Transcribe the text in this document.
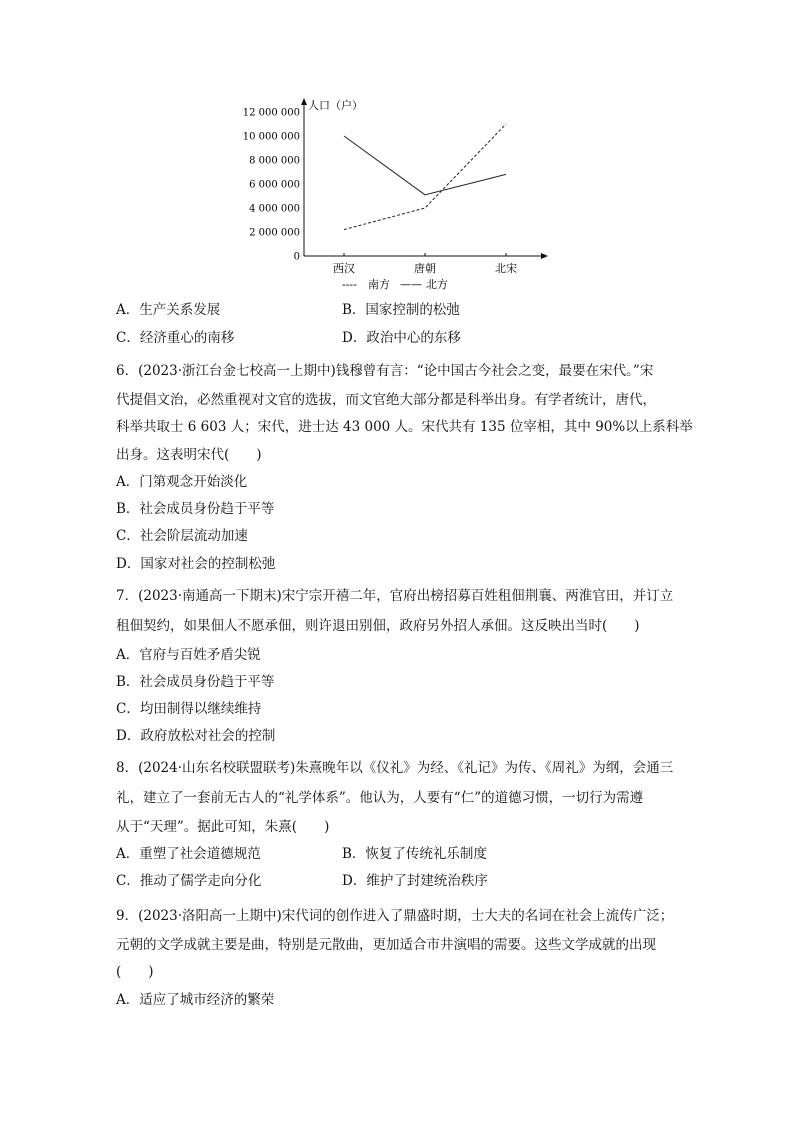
0
2 000 000
4 000 000
6 000 000
8 000 000
10 000 000
12 000 000
人口（户）
西汉	唐朝	北宋
---- 南方 —— 北方
A．生产关系发展	B．国家控制的松弛
C．经济重心的南移	D．政治中心的东移
6．(2023·浙江台金七校高一上期中)钱穆曾有言：“论中国古今社会之变，最要在宋代。”宋
代提倡文治，必然重视对文官的选拔，而文官绝大部分都是科举出身。有学者统计，唐代，
科举共取士 6 603 人；宋代，进士达 43 000 人。宋代共有 135 位宰相，其中 90%以上系科举
出身。这表明宋代(　　)
A．门第观念开始淡化
B．社会成员身份趋于平等
C．社会阶层流动加速
D．国家对社会的控制松弛
7．(2023·南通高一下期末)宋宁宗开禧二年，官府出榜招募百姓租佃荆襄、两淮官田，并订立
租佃契约，如果佃人不愿承佃，则许退田别佃，政府另外招人承佃。这反映出当时(　　)
A．官府与百姓矛盾尖锐
B．社会成员身份趋于平等
C．均田制得以继续维持
D．政府放松对社会的控制
8．(2024·山东名校联盟联考)朱熹晚年以《仪礼》为经、《礼记》为传、《周礼》为纲，会通三
礼，建立了一套前无古人的“礼学体系”。他认为，人要有“仁”的道德习惯，一切行为需遵
从于“天理”。据此可知，朱熹(　　)
A．重塑了社会道德规范	B．恢复了传统礼乐制度
C．推动了儒学走向分化	D．维护了封建统治秩序
9．(2023·洛阳高一上期中)宋代词的创作进入了鼎盛时期，士大夫的名词在社会上流传广泛；
元朝的文学成就主要是曲，特别是元散曲，更加适合市井演唱的需要。这些文学成就的出现
(　　)
A．适应了城市经济的繁荣
